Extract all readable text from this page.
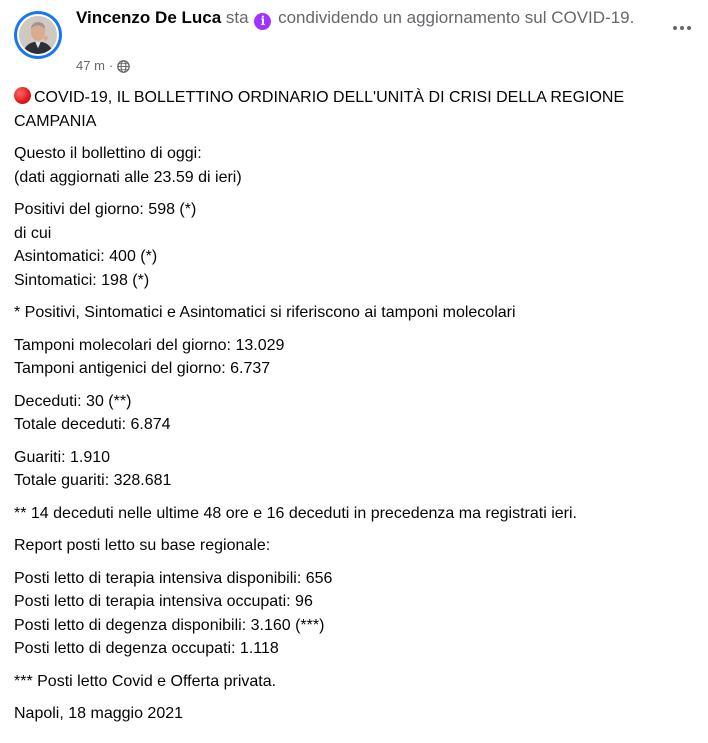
Vincenzo De Luca sta i condividendo un aggiornamento sul COVID-19.
47 m ·

COVID-19, IL BOLLETTINO ORDINARIO DELL'UNITÀ DI CRISI DELLA REGIONE CAMPANIA

Questo il bollettino di oggi:
(dati aggiornati alle 23.59 di ieri)

Positivi del giorno: 598 (*)
di cui
Asintomatici: 400 (*)
Sintomatici: 198 (*)

* Positivi, Sintomatici e Asintomatici si riferiscono ai tamponi molecolari

Tamponi molecolari del giorno: 13.029
Tamponi antigenici del giorno: 6.737

Deceduti: 30 (**)
Totale deceduti: 6.874

Guariti: 1.910
Totale guariti: 328.681

** 14 deceduti nelle ultime 48 ore e 16 deceduti in precedenza ma registrati ieri.

Report posti letto su base regionale:

Posti letto di terapia intensiva disponibili: 656
Posti letto di terapia intensiva occupati: 96
Posti letto di degenza disponibili: 3.160 (***)
Posti letto di degenza occupati: 1.118

*** Posti letto Covid e Offerta privata.

Napoli, 18 maggio 2021
